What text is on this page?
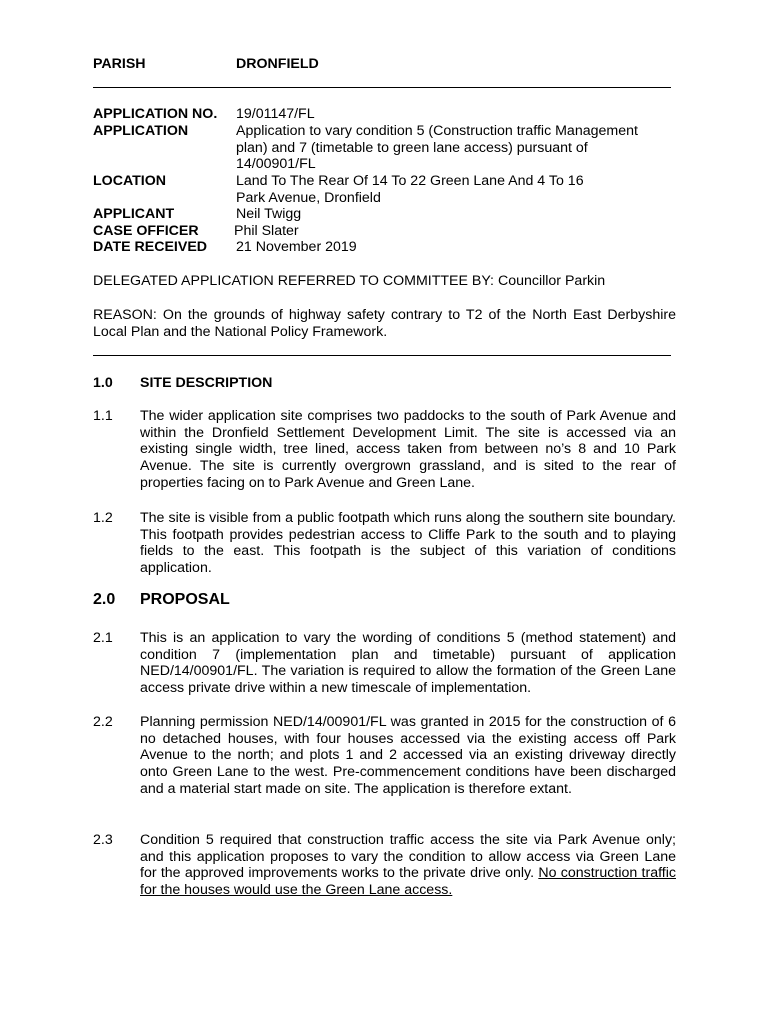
PARISH	DRONFIELD
APPLICATION NO. 19/01147/FL
APPLICATION	Application to vary condition 5 (Construction traffic Management
plan) and 7 (timetable to green lane access) pursuant of
14/00901/FL
LOCATION	Land To The Rear Of 14 To 22 Green Lane And 4 To 16
Park Avenue, Dronfield
APPLICANT	Neil Twigg
CASE OFFICER Phil Slater
DATE RECEIVED 21 November 2019
DELEGATED APPLICATION REFERRED TO COMMITTEE BY: Councillor Parkin
REASON: On the grounds of highway safety contrary to T2 of the North East Derbyshire Local Plan and the National Policy Framework.
1.0 SITE DESCRIPTION
1.1 The wider application site comprises two paddocks to the south of Park Avenue and within the Dronfield Settlement Development Limit. The site is accessed via an existing single width, tree lined, access taken from between no’s 8 and 10 Park Avenue. The site is currently overgrown grassland, and is sited to the rear of properties facing on to Park Avenue and Green Lane.
1.2 The site is visible from a public footpath which runs along the southern site boundary. This footpath provides pedestrian access to Cliffe Park to the south and to playing fields to the east. This footpath is the subject of this variation of conditions application.
2.0 PROPOSAL
2.1 This is an application to vary the wording of conditions 5 (method statement) and condition 7 (implementation plan and timetable) pursuant of application NED/14/00901/FL. The variation is required to allow the formation of the Green Lane access private drive within a new timescale of implementation.
2.2 Planning permission NED/14/00901/FL was granted in 2015 for the construction of 6 no detached houses, with four houses accessed via the existing access off Park Avenue to the north; and plots 1 and 2 accessed via an existing driveway directly onto Green Lane to the west. Pre-commencement conditions have been discharged and a material start made on site. The application is therefore extant.
2.3 Condition 5 required that construction traffic access the site via Park Avenue only; and this application proposes to vary the condition to allow access via Green Lane for the approved improvements works to the private drive only. No construction traffic for the houses would use the Green Lane access.
